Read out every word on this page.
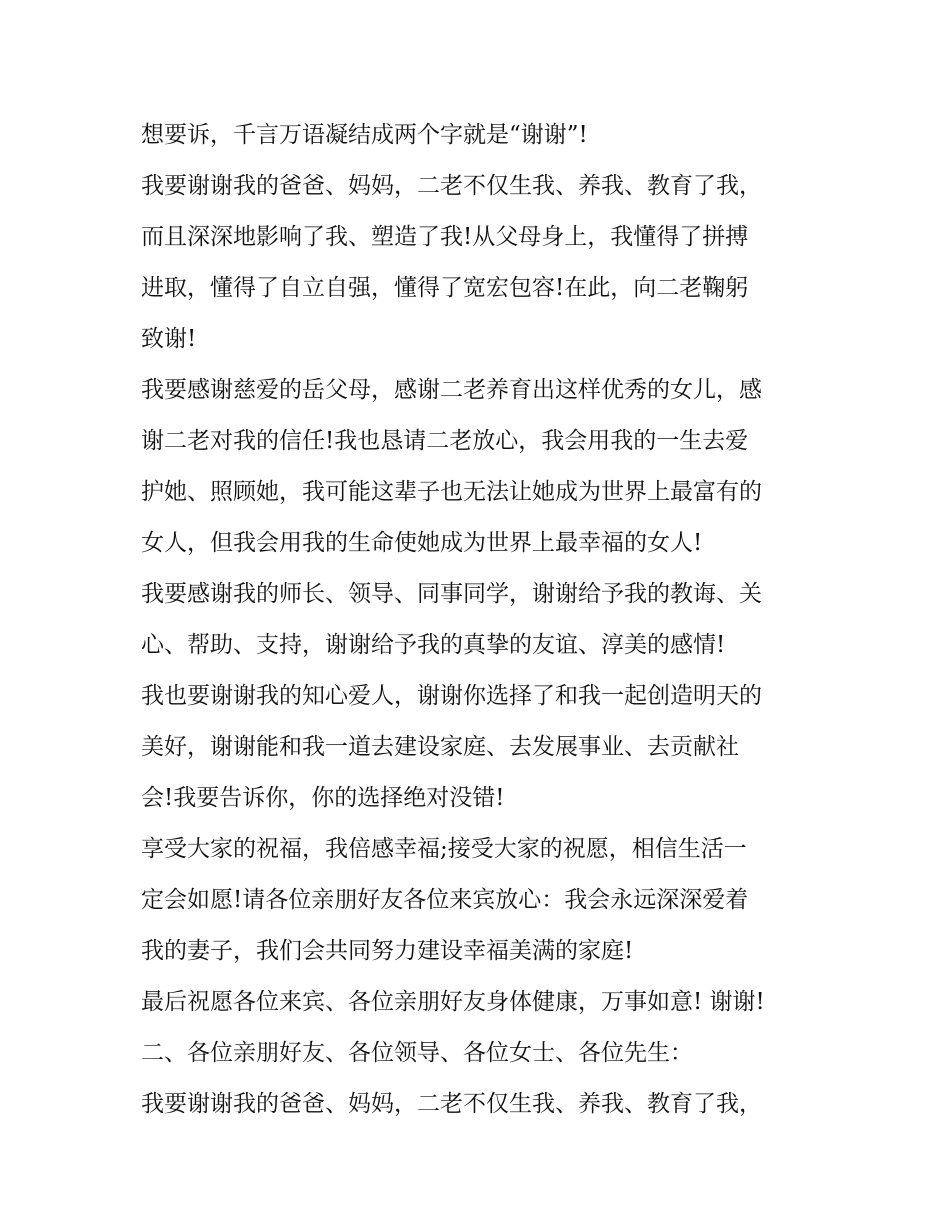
想要诉，千言万语凝结成两个字就是“谢谢”!
我要谢谢我的爸爸、妈妈，二老不仅生我、养我、教育了我，
而且深深地影响了我、塑造了我!从父母身上，我懂得了拼搏
进取，懂得了自立自强，懂得了宽宏包容!在此，向二老鞠躬
致谢!
我要感谢慈爱的岳父母，感谢二老养育出这样优秀的女儿，感
谢二老对我的信任!我也恳请二老放心，我会用我的一生去爱
护她、照顾她，我可能这辈子也无法让她成为世界上最富有的
女人，但我会用我的生命使她成为世界上最幸福的女人!
我要感谢我的师长、领导、同事同学，谢谢给予我的教诲、关
心、帮助、支持，谢谢给予我的真挚的友谊、淳美的感情!
我也要谢谢我的知心爱人，谢谢你选择了和我一起创造明天的
美好，谢谢能和我一道去建设家庭、去发展事业、去贡献社
会!我要告诉你，你的选择绝对没错!
享受大家的祝福，我倍感幸福;接受大家的祝愿，相信生活一
定会如愿!请各位亲朋好友各位来宾放心：我会永远深深爱着
我的妻子，我们会共同努力建设幸福美满的家庭!
最后祝愿各位来宾、各位亲朋好友身体健康，万事如意! 谢谢!
二、各位亲朋好友、各位领导、各位女士、各位先生：
我要谢谢我的爸爸、妈妈，二老不仅生我、养我、教育了我，
